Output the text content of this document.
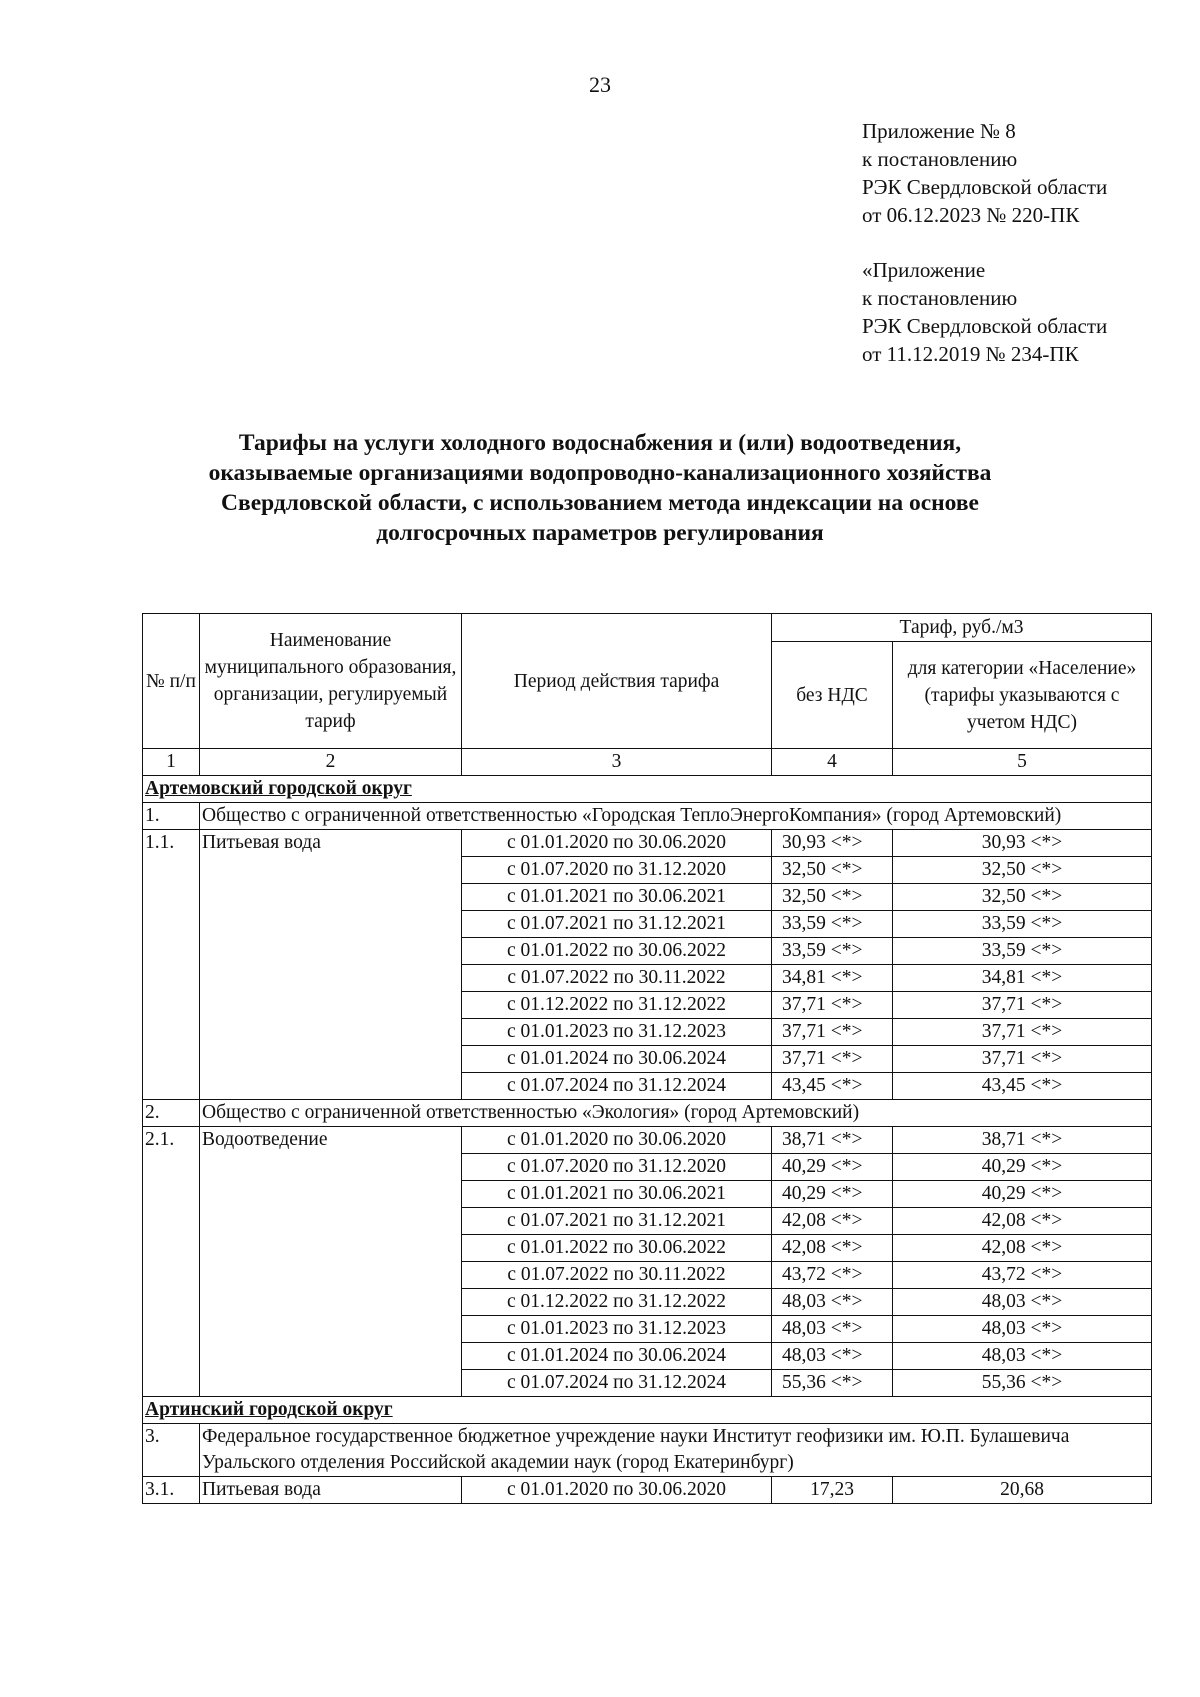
23
Приложение № 8
к постановлению
РЭК Свердловской области
от 06.12.2023 № 220-ПК
«Приложение
к постановлению
РЭК Свердловской области
от 11.12.2019 № 234-ПК
Тарифы на услуги холодного водоснабжения и (или) водоотведения,
оказываемые организациями водопроводно-канализационного хозяйства
Свердловской области, с использованием метода индексации на основе
долгосрочных параметров регулирования
№ п/п	Наименование муниципального образования, организации, регулируемый тариф	Период действия тарифа	Тариф, руб./м3	
			без НДС	для категории «Население» (тарифы указываются с учетом НДС)
1	2	3	4	5
Артемовский городской округ				
1.	Общество с ограниченной ответственностью «Городская ТеплоЭнергоКомпания» (город Артемовский)			
1.1.	Питьевая вода	с 01.01.2020 по 30.06.2020	30,93 <*>	30,93 <*>
		с 01.07.2020 по 31.12.2020	32,50 <*>	32,50 <*>
		с 01.01.2021 по 30.06.2021	32,50 <*>	32,50 <*>
		с 01.07.2021 по 31.12.2021	33,59 <*>	33,59 <*>
		с 01.01.2022 по 30.06.2022	33,59 <*>	33,59 <*>
		с 01.07.2022 по 30.11.2022	34,81 <*>	34,81 <*>
		с 01.12.2022 по 31.12.2022	37,71 <*>	37,71 <*>
		с 01.01.2023 по 31.12.2023	37,71 <*>	37,71 <*>
		с 01.01.2024 по 30.06.2024	37,71 <*>	37,71 <*>
		с 01.07.2024 по 31.12.2024	43,45 <*>	43,45 <*>
2.	Общество с ограниченной ответственностью «Экология» (город Артемовский)			
2.1.	Водоотведение	с 01.01.2020 по 30.06.2020	38,71 <*>	38,71 <*>
		с 01.07.2020 по 31.12.2020	40,29 <*>	40,29 <*>
		с 01.01.2021 по 30.06.2021	40,29 <*>	40,29 <*>
		с 01.07.2021 по 31.12.2021	42,08 <*>	42,08 <*>
		с 01.01.2022 по 30.06.2022	42,08 <*>	42,08 <*>
		с 01.07.2022 по 30.11.2022	43,72 <*>	43,72 <*>
		с 01.12.2022 по 31.12.2022	48,03 <*>	48,03 <*>
		с 01.01.2023 по 31.12.2023	48,03 <*>	48,03 <*>
		с 01.01.2024 по 30.06.2024	48,03 <*>	48,03 <*>
		с 01.07.2024 по 31.12.2024	55,36 <*>	55,36 <*>
Артинский городской округ				
3.	Федеральное государственное бюджетное учреждение науки Институт геофизики им. Ю.П. Булашевича Уральского отделения Российской академии наук (город Екатеринбург)			
3.1.	Питьевая вода	с 01.01.2020 по 30.06.2020	17,23	20,68
